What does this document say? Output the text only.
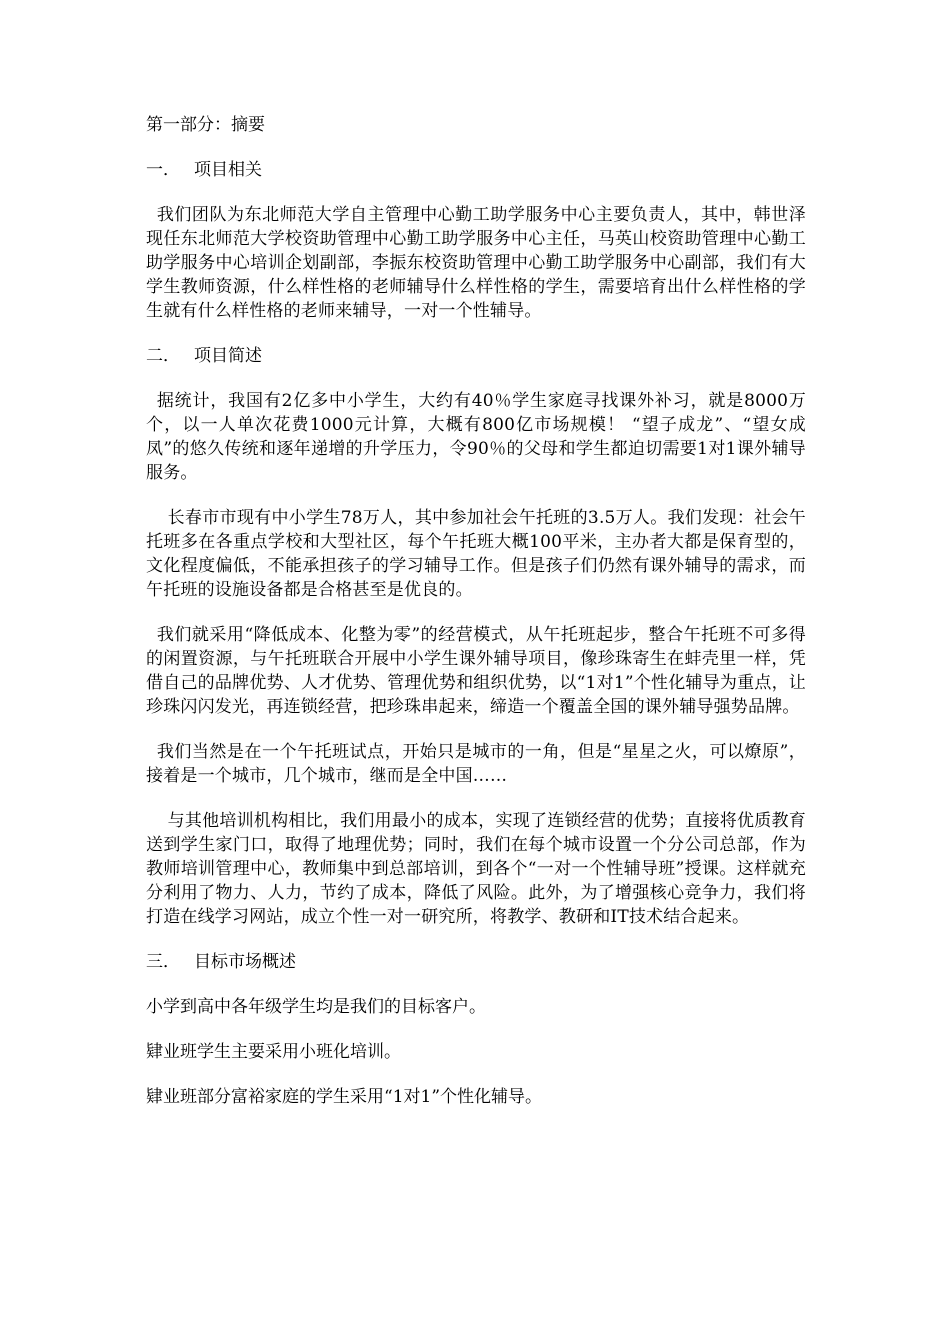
第一部分：摘要
一． 项目相关

我们团队为东北师范大学自主管理中心勤工助学服务中心主要负责人，其中，韩世泽现任东北师范大学校资助管理中心勤工助学服务中心主任，马英山校资助管理中心勤工助学服务中心培训企划副部，李振东校资助管理中心勤工助学服务中心副部，我们有大学生教师资源，什么样性格的老师辅导什么样性格的学生，需要培育出什么样性格的学生就有什么样性格的老师来辅导，一对一个性辅导。

二． 项目简述

据统计，我国有2亿多中小学生，大约有40％学生家庭寻找课外补习，就是8000万个，以一人单次花费1000元计算，大概有800亿市场规模！ “望子成龙”、“望女成凤”的悠久传统和逐年递增的升学压力，令90％的父母和学生都迫切需要1对1课外辅导服务。

长春市市现有中小学生78万人，其中参加社会午托班的3.5万人。我们发现：社会午托班多在各重点学校和大型社区，每个午托班大概100平米，主办者大都是保育型的，文化程度偏低，不能承担孩子的学习辅导工作。但是孩子们仍然有课外辅导的需求，而午托班的设施设备都是合格甚至是优良的。

我们就采用“降低成本、化整为零”的经营模式，从午托班起步，整合午托班不可多得的闲置资源，与午托班联合开展中小学生课外辅导项目，像珍珠寄生在蚌壳里一样，凭借自己的品牌优势、人才优势、管理优势和组织优势，以“1对1”个性化辅导为重点，让珍珠闪闪发光，再连锁经营，把珍珠串起来，缔造一个覆盖全国的课外辅导强势品牌。

我们当然是在一个午托班试点，开始只是城市的一角，但是“星星之火，可以燎原”，接着是一个城市，几个城市，继而是全中国……

与其他培训机构相比，我们用最小的成本，实现了连锁经营的优势；直接将优质教育送到学生家门口，取得了地理优势；同时，我们在每个城市设置一个分公司总部，作为教师培训管理中心，教师集中到总部培训，到各个“一对一个性辅导班”授课。这样就充分利用了物力、人力，节约了成本，降低了风险。此外，为了增强核心竞争力，我们将打造在线学习网站，成立个性一对一研究所，将教学、教研和IT技术结合起来。

三． 目标市场概述

小学到高中各年级学生均是我们的目标客户。

肄业班学生主要采用小班化培训。

肄业班部分富裕家庭的学生采用“1对1”个性化辅导。
